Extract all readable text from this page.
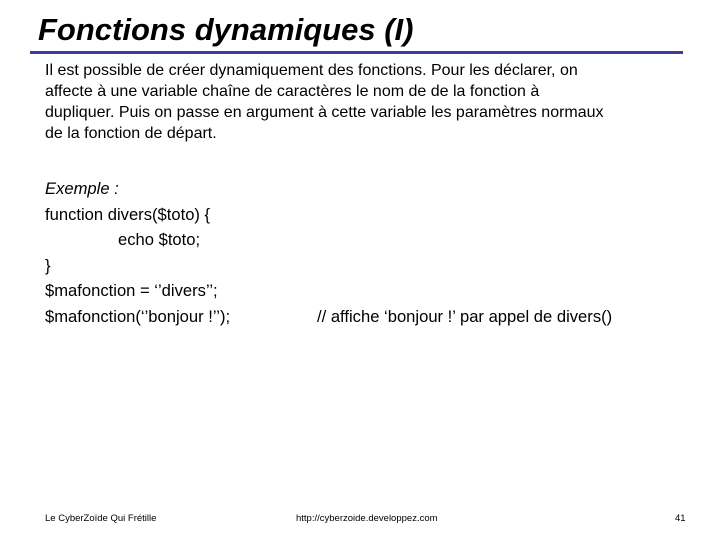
Fonctions dynamiques (I)

Il est possible de créer dynamiquement des fonctions. Pour les déclarer, on

affecte à une variable chaîne de caractères le nom de de la fonction à

dupliquer. Puis on passe en argument à cette variable les paramètres normaux

de la fonction de départ.

Exemple :
function divers($toto) {
echo $toto;
}
$mafonction = ‘’divers’’;
$mafonction(‘’bonjour !’’);	// affiche ‘bonjour !’ par appel de divers()
Le CyberZoïde Qui Frétille	http://cyberzoide.developpez.com	41
